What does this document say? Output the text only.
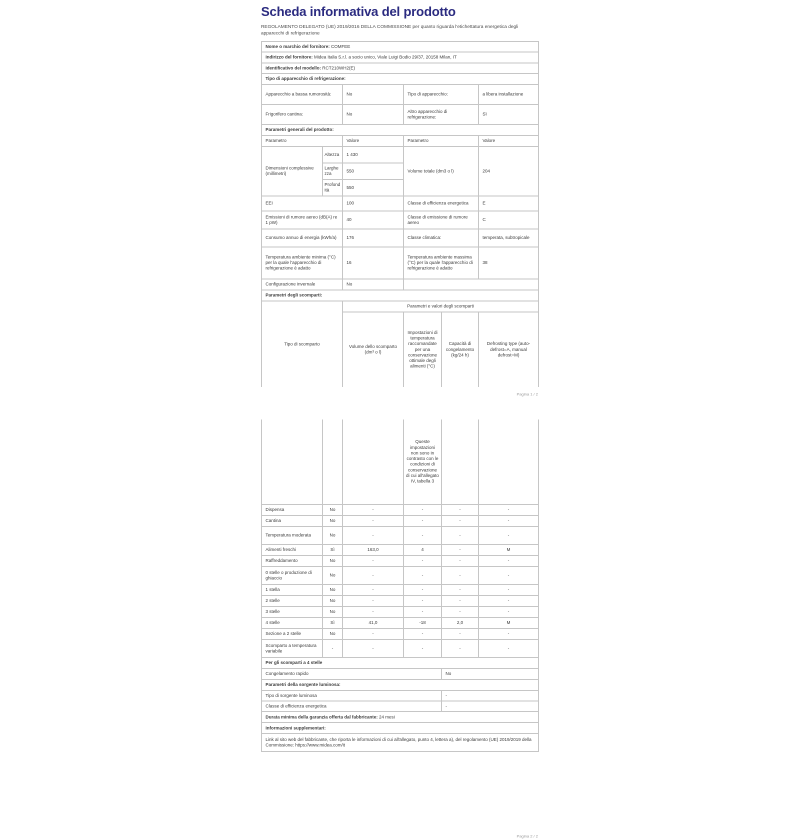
Scheda informativa del prodotto

REGOLAMENTO DELEGATO (UE) 2019/2016 DELLA COMMISSIONE per quanto riguarda l'etichettatura energetica degli apparecchi di refrigerazione

Nome o marchio del fornitore: COMFEE					
Indirizzo del fornitore: Midea Italia S.r.l. a socio unico, Viale Luigi Bodio 29/37, 20158 Milan, IT					
Identificativo del modello: RCT210WH2(E)					
Tipo di apparecchio di refrigerazione:					
Apparecchio a bassa rumorosità:		No	Tipo di apparecchio:		a libera installazione
Frigorifero cantina:		No	Altro apparecchio di refrigerazione:		Sì
Parametri generali del prodotto:					
Parametro		Valore	Parametro		Valore
Dimensioni complessive (millimetri)	Altezza	1 430	Volume totale (dm3 o l)		204
	Larghezza	550			
	Profondità	550			
EEI		100	Classe di efficienza energetica		E
Emissioni di rumore aereo (dB(A) re 1 pW)		40	Classe di emissione di rumore aereo		C
Consumo annuo di energia (kWh/a)		176	Classe climatica:		temperata, subtropicale
Temperatura ambiente minima (°C) per la quale l'apparecchio di refrigerazione è adatto		16	Temperatura ambiente massima (°C) per la quale l'apparecchio di refrigerazione è adatto		38
Configurazione invernale		No			
Parametri degli scomparti:					
Tipo di scomparto		Parametri e valori degli scomparti			
		Volume dello scomparto (dm³ o l)	Impostazioni di temperatura raccomandate per una conservazione ottimale degli alimenti (°C)	Capacità di congelamento (kg/24 h)	Defrosting type (auto-defrost=A, manual defrost=M)
Pagina 1 / 2
			Queste impostazioni non sono in contrasto con le condizioni di conservazione di cui all'allegato IV, tabella 3		
Dispensa	No	-	-	-	-
Cantina	No	-	-	-	-
Temperatura moderata	No	-	-	-	-
Alimenti freschi	Sì	163,0	4	-	M
Raffreddamento	No	-	-	-	-
0 stelle o produzione di ghiaccio	No	-	-	-	-
1 stella	No	-	-	-	-
2 stelle	No	-	-	-	-
3 stelle	No	-	-	-	-
4 stelle	Sì	41,0	-18	2,0	M
Sezione a 2 stelle	No	-	-	-	-
Scomparto a temperatura variabile	-	-	-	-	-
Per gli scomparti a 4 stelle					
Congelamento rapido				No	
Parametri della sorgente luminosa:					
Tipo di sorgente luminosa				-	
Classe di efficienza energetica				-	
Durata minima della garanzia offerta dal fabbricante: 24 mesi					
Informazioni supplementari:					
Link al sito web del fabbricante, che riporta le informazioni di cui all'allegato, punto 4, lettera a), del regolamento (UE) 2019/2019 della Commissione: https://www.midea.com/it					
Pagina 2 / 2
